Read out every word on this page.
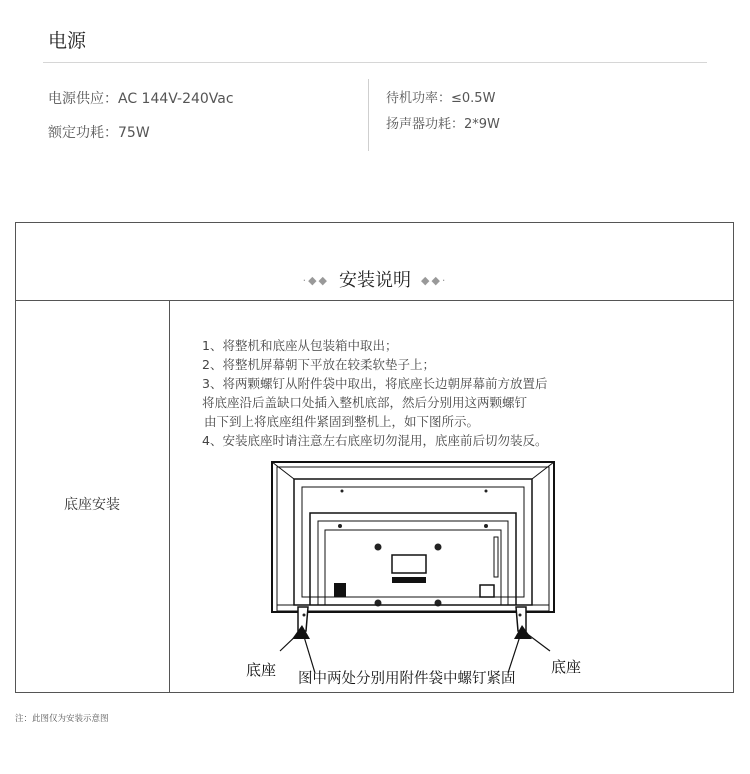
电源
电源供应：AC 144V-240Vac
额定功耗：75W
待机功率：≤0.5W
扬声器功耗：2*9W
·◆◆ 安装说明 ◆◆·
底座安装
1、将整机和底座从包装箱中取出；
2、将整机屏幕朝下平放在较柔软垫子上；
3、将两颗螺钉从附件袋中取出，将底座长边朝屏幕前方放置后
将底座沿后盖缺口处插入整机底部，然后分别用这两颗螺钉
由下到上将底座组件紧固到整机上，如下图所示。
4、安装底座时请注意左右底座切勿混用，底座前后切勿装反。
底座	底座
图中两处分别用附件袋中螺钉紧固
注：此图仅为安装示意图
